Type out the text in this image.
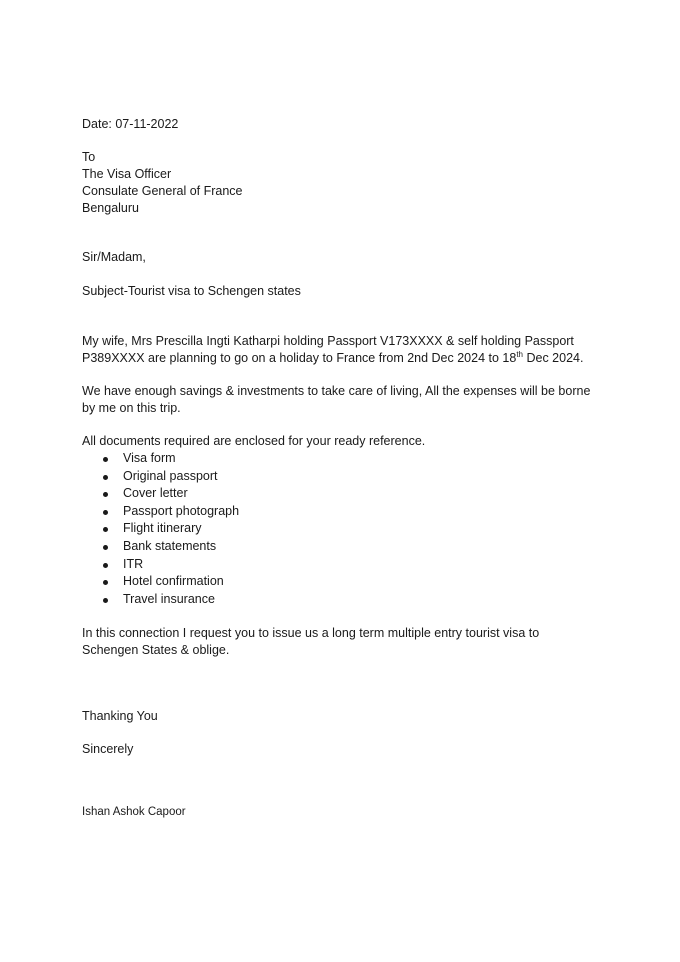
Date: 07-11-2022

To

The Visa Officer

Consulate General of France

Bengaluru

Sir/Madam,
Subject-Tourist visa to Schengen states

My wife, Mrs Prescilla Ingti Katharpi holding Passport V173XXXX & self holding Passport

P389XXXX are planning to go on a holiday to France from 2nd Dec 2024 to 18th Dec 2024.

We have enough savings & investments to take care of living, All the expenses will be borne

by me on this trip.

All documents required are enclosed for your ready reference.
Visa form
Original passport
Cover letter
Passport photograph
Flight itinerary
Bank statements
ITR
Hotel confirmation
Travel insurance

In this connection I request you to issue us a long term multiple entry tourist visa to

Schengen States & oblige.

Thanking You
Sincerely
Ishan Ashok Capoor
